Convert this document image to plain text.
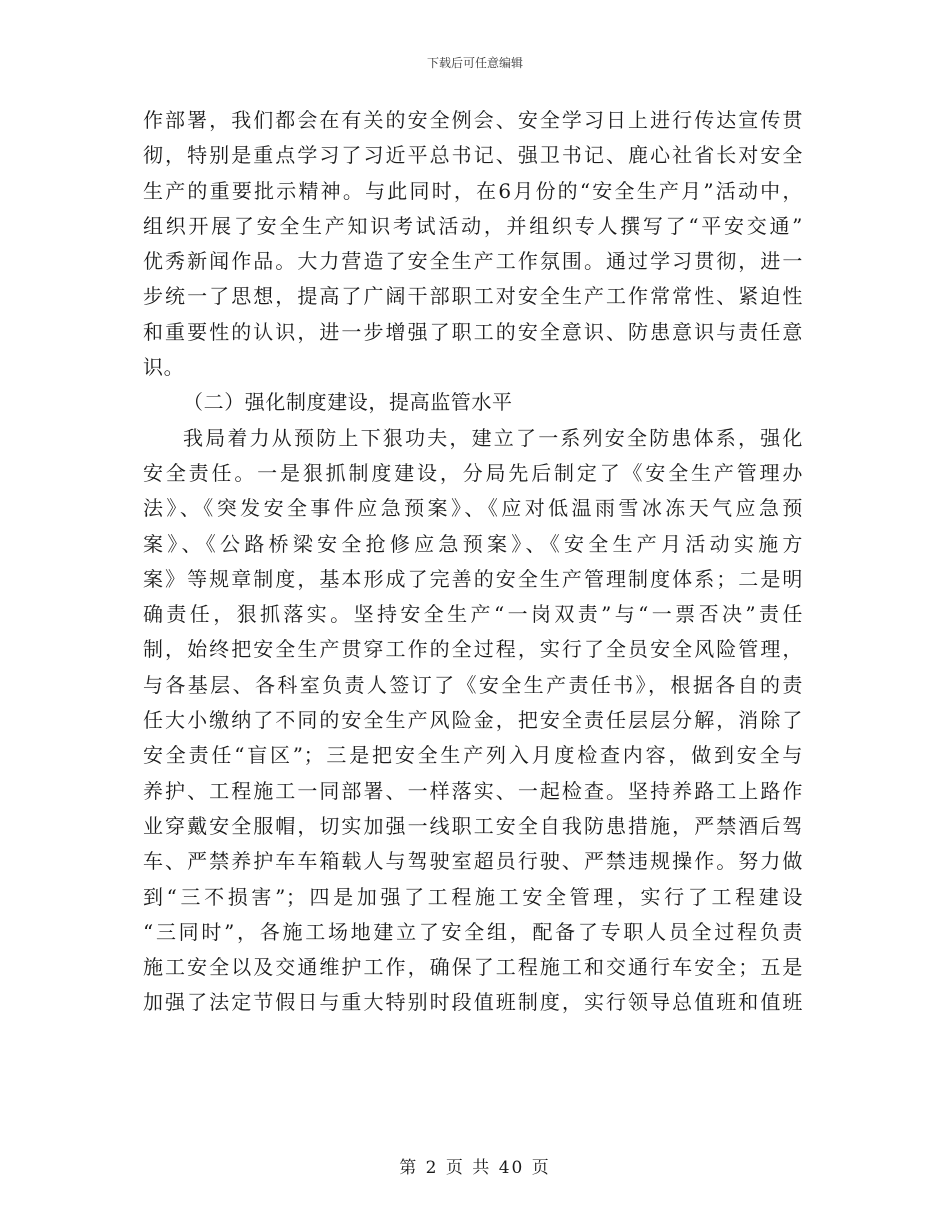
下载后可任意编辑
作部署，我们都会在有关的安全例会、安全学习日上进行传达宣传贯
彻，特别是重点学习了习近平总书记、强卫书记、鹿心社省长对安全
生产的重要批示精神。与此同时，在6月份的“安全生产月”活动中，
组织开展了安全生产知识考试活动，并组织专人撰写了“平安交通”
优秀新闻作品。大力营造了安全生产工作氛围。通过学习贯彻，进一
步统一了思想，提高了广阔干部职工对安全生产工作常常性、紧迫性
和重要性的认识，进一步增强了职工的安全意识、防患意识与责任意
识。
（二）强化制度建设，提高监管水平
我局着力从预防上下狠功夫，建立了一系列安全防患体系，强化
安全责任。一是狠抓制度建设，分局先后制定了《安全生产管理办
法》、《突发安全事件应急预案》、《应对低温雨雪冰冻天气应急预
案》、《公路桥梁安全抢修应急预案》、《安全生产月活动实施方
案》等规章制度，基本形成了完善的安全生产管理制度体系；二是明
确责任，狠抓落实。坚持安全生产“一岗双责”与“一票否决”责任
制，始终把安全生产贯穿工作的全过程，实行了全员安全风险管理，
与各基层、各科室负责人签订了《安全生产责任书》，根据各自的责
任大小缴纳了不同的安全生产风险金，把安全责任层层分解，消除了
安全责任“盲区”；三是把安全生产列入月度检查内容，做到安全与
养护、工程施工一同部署、一样落实、一起检查。坚持养路工上路作
业穿戴安全服帽，切实加强一线职工安全自我防患措施，严禁酒后驾
车、严禁养护车车箱载人与驾驶室超员行驶、严禁违规操作。努力做
到“三不损害”；四是加强了工程施工安全管理，实行了工程建设
“三同时”，各施工场地建立了安全组，配备了专职人员全过程负责
施工安全以及交通维护工作，确保了工程施工和交通行车安全；五是
加强了法定节假日与重大特别时段值班制度，实行领导总值班和值班
第 2 页 共 40 页
